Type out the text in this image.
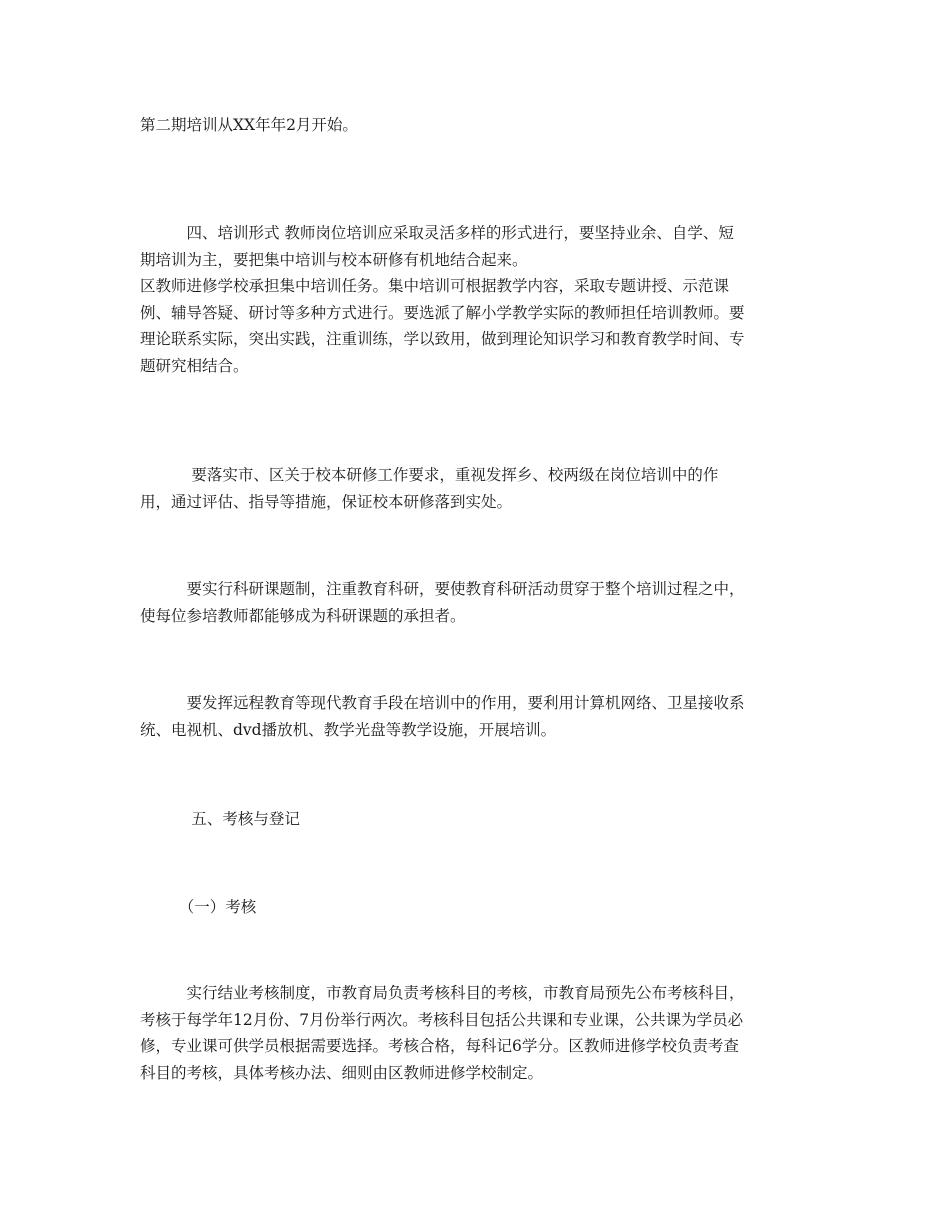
第二期培训从XX年年2月开始。

　　　四、培训形式 教师岗位培训应采取灵活多样的形式进行，要坚持业余、自学、短
期培训为主，要把集中培训与校本研修有机地结合起来。
区教师进修学校承担集中培训任务。集中培训可根据教学内容，采取专题讲授、示范课
例、辅导答疑、研讨等多种方式进行。要选派了解小学教学实际的教师担任培训教师。要
理论联系实际，突出实践，注重训练，学以致用，做到理论知识学习和教育教学时间、专
题研究相结合。

　　　 要落实市、区关于校本研修工作要求，重视发挥乡、校两级在岗位培训中的作
用，通过评估、指导等措施，保证校本研修落到实处。

　　　要实行科研课题制，注重教育科研，要使教育科研活动贯穿于整个培训过程之中，
使每位参培教师都能够成为科研课题的承担者。

　　　要发挥远程教育等现代教育手段在培训中的作用，要利用计算机网络、卫星接收系
统、电视机、dvd播放机、教学光盘等教学设施，开展培训。

　　　 五、考核与登记

　　　（一）考核

　　　实行结业考核制度，市教育局负责考核科目的考核，市教育局预先公布考核科目，
考核于每学年12月份、7月份举行两次。考核科目包括公共课和专业课，公共课为学员必
修，专业课可供学员根据需要选择。考核合格，每科记6学分。区教师进修学校负责考查
科目的考核，具体考核办法、细则由区教师进修学校制定。
